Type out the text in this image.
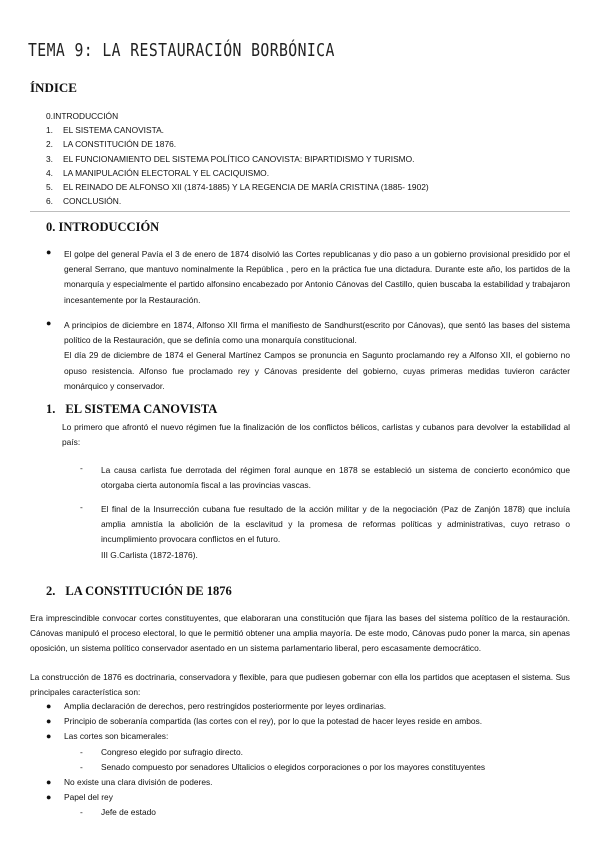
TEMA 9: LA RESTAURACIÓN BORBÓNICA
ÍNDICE
0.INTRODUCCIÓN
1. EL SISTEMA CANOVISTA.
2. LA CONSTITUCIÓN DE 1876.
3. EL FUNCIONAMIENTO DEL SISTEMA POLÍTICO CANOVISTA: BIPARTIDISMO Y TURISMO.
4. LA MANIPULACIÓN ELECTORAL Y EL CACIQUISMO.
5. EL REINADO DE ALFONSO XII (1874-1885) Y LA REGENCIA DE MARÍA CRISTINA (1885- 1902)
6. CONCLUSIÓN.
0. INTRODUCCIÓN
● El golpe del general Pavía el 3 de enero de 1874 disolvió las Cortes republicanas y dio paso a un gobierno provisional presidido por el general Serrano, que mantuvo nominalmente la República , pero en la práctica fue una dictadura. Durante este año, los partidos de la monarquía y especialmente el partido alfonsino encabezado por Antonio Cánovas del Castillo, quien buscaba la estabilidad y trabajaron incesantemente por la Restauración.
● A principios de diciembre en 1874, Alfonso XII firma el manifiesto de Sandhurst(escrito por Cánovas), que sentó las bases del sistema político de la Restauración, que se definía como una monarquía constitucional.
El día 29 de diciembre de 1874 el General Martínez Campos se pronuncia en Sagunto proclamando rey a Alfonso XII, el gobierno no opuso resistencia. Alfonso fue proclamado rey y Cánovas presidente del gobierno, cuyas primeras medidas tuvieron carácter monárquico y conservador.
1. EL SISTEMA CANOVISTA
Lo primero que afrontó el nuevo régimen fue la finalización de los conflictos bélicos, carlistas y cubanos para devolver la estabilidad al país:
- La causa carlista fue derrotada del régimen foral aunque en 1878 se estableció un sistema de concierto económico que otorgaba cierta autonomía fiscal a las provincias vascas.
- El final de la Insurrección cubana fue resultado de la acción militar y de la negociación (Paz de Zanjón 1878) que incluía amplia amnistía la abolición de la esclavitud y la promesa de reformas políticas y administrativas, cuyo retraso o incumplimiento provocara conflictos en el futuro.
III G.Carlista (1872-1876).
2. LA CONSTITUCIÓN DE 1876
Era imprescindible convocar cortes constituyentes, que elaboraran una constitución que fijara las bases del sistema político de la restauración. Cánovas manipuló el proceso electoral, lo que le permitió obtener una amplia mayoría. De este modo, Cánovas pudo poner la marca, sin apenas oposición, un sistema político conservador asentado en un sistema parlamentario liberal, pero escasamente democrático.
La construcción de 1876 es doctrinaria, conservadora y flexible, para que pudiesen gobernar con ella los partidos que aceptasen el sistema. Sus principales característica son:
● Amplia declaración de derechos, pero restringidos posteriormente por leyes ordinarias.
● Principio de soberanía compartida (las cortes con el rey), por lo que la potestad de hacer leyes reside en ambos.
● Las cortes son bicamerales:
- Congreso elegido por sufragio directo.
- Senado compuesto por senadores Ultalicios o elegidos corporaciones o por los mayores constituyentes
● No existe una clara división de poderes.
● Papel del rey
- Jefe de estado
